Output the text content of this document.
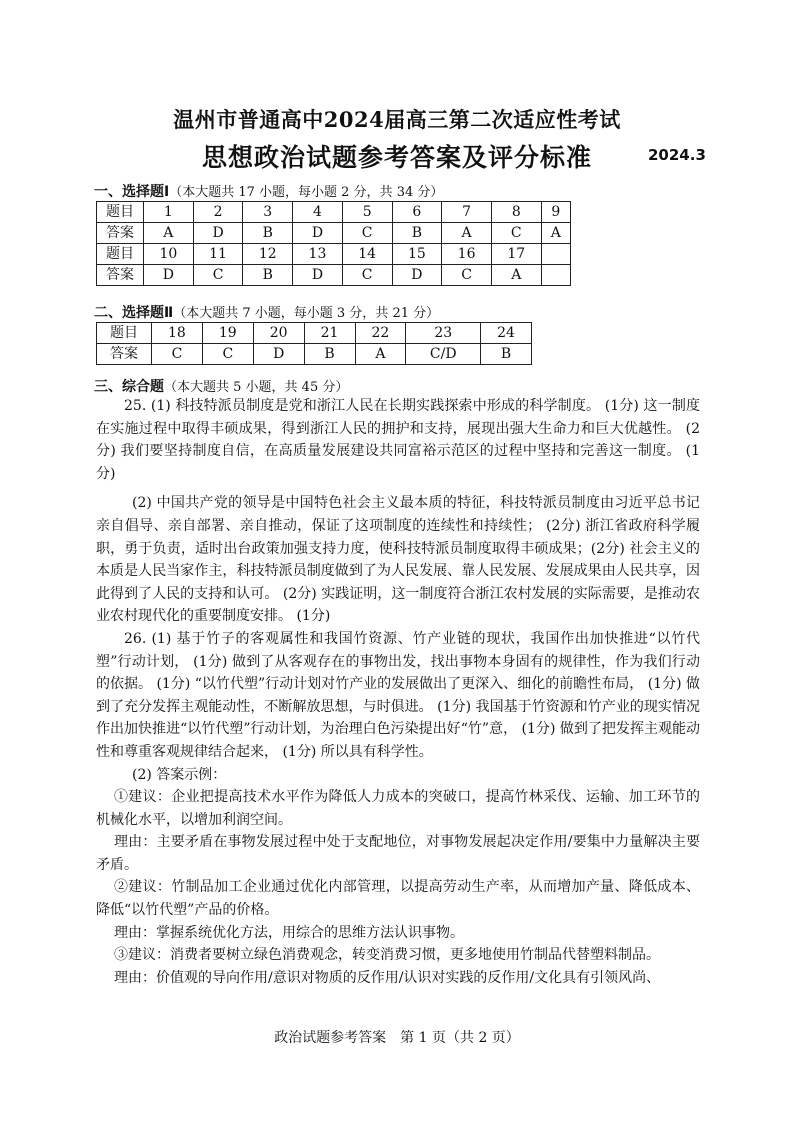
温州市普通高中2024届高三第二次适应性考试
思想政治试题参考答案及评分标准	2024.3
一、选择题Ⅰ（本大题共 17 小题，每小题 2 分，共 34 分）
题目	1	2	3	4	5	6	7	8	9
答案	A	D	B	D	C	B	A	C	A
题目	10	11	12	13	14	15	16	17	
答案	D	C	B	D	C	D	C	A	
二、选择题Ⅱ（本大题共 7 小题，每小题 3 分，共 21 分）
题目	18	19	20	21	22	23	24
答案	C	C	D	B	A	C/D	B
三、综合题（本大题共 5 小题，共 45 分）

25. (1) 科技特派员制度是党和浙江人民在长期实践探索中形成的科学制度。 (1分) 这一制度在实施过程中取得丰硕成果，得到浙江人民的拥护和支持，展现出强大生命力和巨大优越性。 (2分) 我们要坚持制度自信，在高质量发展建设共同富裕示范区的过程中坚持和完善这一制度。 (1分)

(2) 中国共产党的领导是中国特色社会主义最本质的特征，科技特派员制度由习近平总书记亲自倡导、亲自部署、亲自推动，保证了这项制度的连续性和持续性； (2分) 浙江省政府科学履职，勇于负责，适时出台政策加强支持力度，使科技特派员制度取得丰硕成果；(2分) 社会主义的本质是人民当家作主，科技特派员制度做到了为人民发展、靠人民发展、发展成果由人民共享，因此得到了人民的支持和认可。 (2分) 实践证明，这一制度符合浙江农村发展的实际需要，是推动农业农村现代化的重要制度安排。 (1分)

26. (1) 基于竹子的客观属性和我国竹资源、竹产业链的现状，我国作出加快推进“以竹代塑”行动计划， (1分) 做到了从客观存在的事物出发，找出事物本身固有的规律性，作为我们行动的依据。 (1分) “以竹代塑”行动计划对竹产业的发展做出了更深入、细化的前瞻性布局， (1分) 做到了充分发挥主观能动性，不断解放思想，与时俱进。 (1分) 我国基于竹资源和竹产业的现实情况作出加快推进“以竹代塑”行动计划，为治理白色污染提出好“竹”意， (1分) 做到了把发挥主观能动性和尊重客观规律结合起来， (1分) 所以具有科学性。

(2) 答案示例：

①建议：企业把提高技术水平作为降低人力成本的突破口，提高竹林采伐、运输、加工环节的机械化水平，以增加利润空间。

理由：主要矛盾在事物发展过程中处于支配地位，对事物发展起决定作用/要集中力量解决主要矛盾。

②建议：竹制品加工企业通过优化内部管理，以提高劳动生产率，从而增加产量、降低成本、降低“以竹代塑”产品的价格。

理由：掌握系统优化方法，用综合的思维方法认识事物。

③建议：消费者要树立绿色消费观念，转变消费习惯，更多地使用竹制品代替塑料制品。

理由：价值观的导向作用/意识对物质的反作用/认识对实践的反作用/文化具有引领风尚、

政治试题参考答案　第 1 页（共 2 页）
